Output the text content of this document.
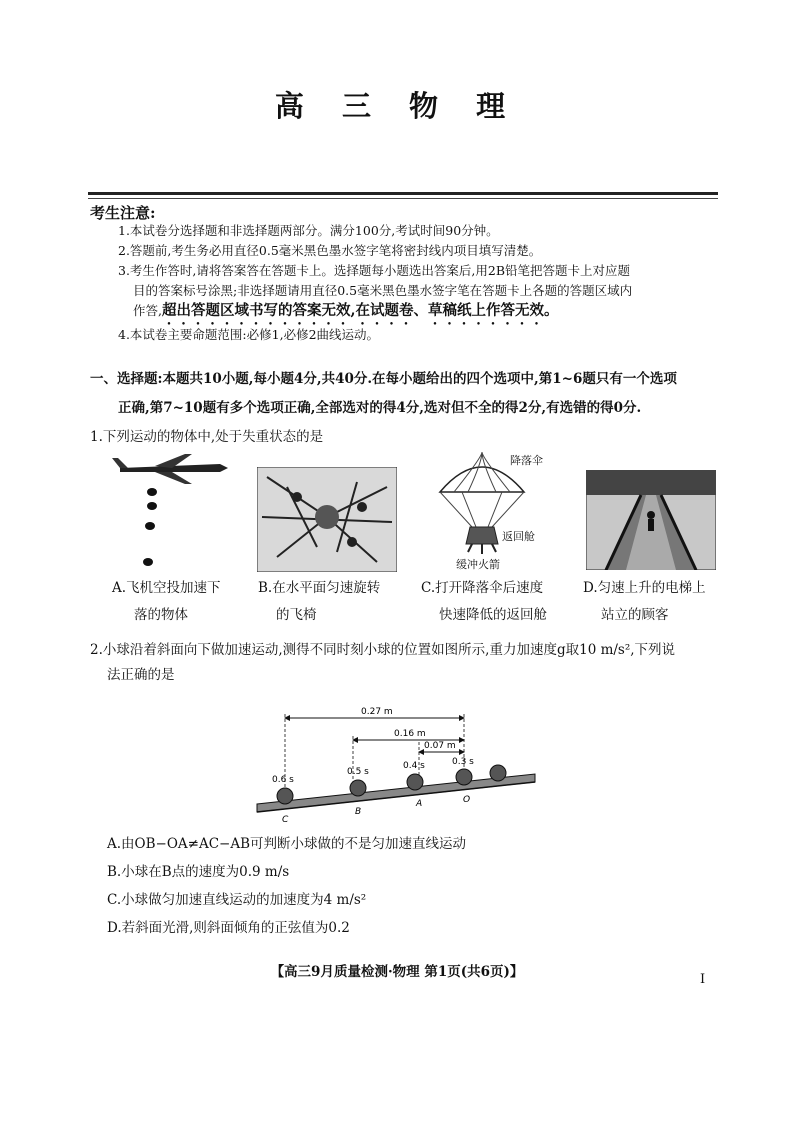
高 三 物 理
考生注意:
1.本试卷分选择题和非选择题两部分。满分100分,考试时间90分钟。
2.答题前,考生务必用直径0.5毫米黑色墨水签字笔将密封线内项目填写清楚。
3.考生作答时,请将答案答在答题卡上。选择题每小题选出答案后,用2B铅笔把答题卡上对应题
目的答案标号涂黑;非选择题请用直径0.5毫米黑色墨水签字笔在答题卡上各题的答题区域内
作答,超出答题区域书写的答案无效,在试题卷、草稿纸上作答无效。
4.本试卷主要命题范围:必修1,必修2曲线运动。
一、选择题:本题共10小题,每小题4分,共40分.在每小题给出的四个选项中,第1~6题只有一个选项
正确,第7~10题有多个选项正确,全部选对的得4分,选对但不全的得2分,有选错的得0分.
1.下列运动的物体中,处于失重状态的是
降落伞
返回舱
缓冲火箭
A.飞机空投加速下
落的物体
B.在水平面匀速旋转
的飞椅
C.打开降落伞后速度
快速降低的返回舱
D.匀速上升的电梯上
站立的顾客
2.小球沿着斜面向下做加速运动,测得不同时刻小球的位置如图所示,重力加速度g取10 m/s²,下列说
法正确的是
0.27 m
0.16 m
0.07 m
0.6 s
0.5 s
0.4 s	0.3 s
C
B
A	O
A.由OB−OA≠AC−AB可判断小球做的不是匀加速直线运动
B.小球在B点的速度为0.9 m/s
C.小球做匀加速直线运动的加速度为4 m/s²
D.若斜面光滑,则斜面倾角的正弦值为0.2
【高三9月质量检测·物理 第1页(共6页)】	I
